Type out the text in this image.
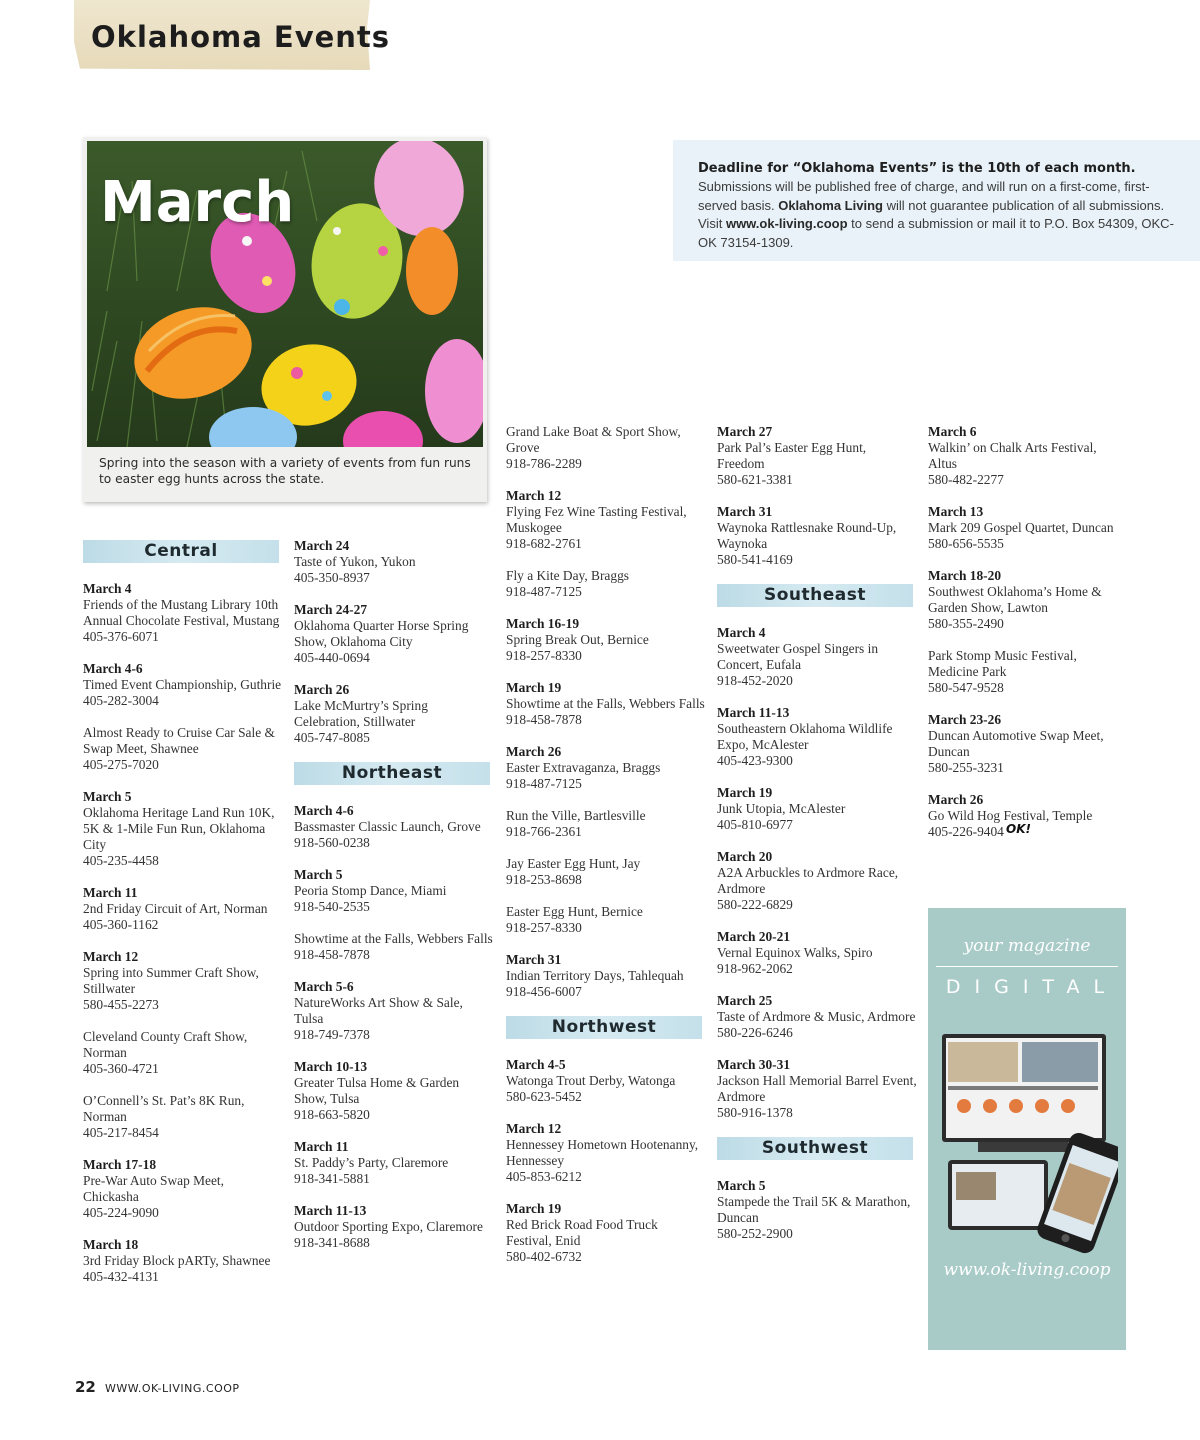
Oklahoma Events
Deadline for “Oklahoma Events” is the 10th of each month.
Submissions will be published free of charge, and will run on a first-come, first-served basis. Oklahoma Living will not guarantee publication of all submissions. Visit www.ok-living.coop to send a submission or mail it to P.O. Box 54309, OKC-OK 73154-1309.
Spring into the season with a variety of events from fun runs to easter egg hunts across the state.
March
Central
March 4
Friends of the Mustang Library 10th Annual Chocolate Festival, Mustang
405-376-6071
March 4-6
Timed Event Championship, Guthrie
405-282-3004
Almost Ready to Cruise Car Sale & Swap Meet, Shawnee
405-275-7020
March 5
Oklahoma Heritage Land Run 10K, 5K & 1-Mile Fun Run, Oklahoma City
405-235-4458
March 11
2nd Friday Circuit of Art, Norman
405-360-1162
March 12
Spring into Summer Craft Show, Stillwater
580-455-2273
Cleveland County Craft Show, Norman
405-360-4721
O’Connell’s St. Pat’s 8K Run, Norman
405-217-8454
March 17-18
Pre-War Auto Swap Meet, Chickasha
405-224-9090
March 18
3rd Friday Block pARTy, Shawnee
405-432-4131
March 24
Taste of Yukon, Yukon
405-350-8937
March 24-27
Oklahoma Quarter Horse Spring Show, Oklahoma City
405-440-0694
March 26
Lake McMurtry’s Spring Celebration, Stillwater
405-747-8085
Northeast
March 4-6
Bassmaster Classic Launch, Grove
918-560-0238
March 5
Peoria Stomp Dance, Miami
918-540-2535
Showtime at the Falls, Webbers Falls
918-458-7878
March 5-6
NatureWorks Art Show & Sale, Tulsa
918-749-7378
March 10-13
Greater Tulsa Home & Garden Show, Tulsa
918-663-5820
March 11
St. Paddy’s Party, Claremore
918-341-5881
March 11-13
Outdoor Sporting Expo, Claremore
918-341-8688
Grand Lake Boat & Sport Show, Grove
918-786-2289
March 12
Flying Fez Wine Tasting Festival, Muskogee
918-682-2761
Fly a Kite Day, Braggs
918-487-7125
March 16-19
Spring Break Out, Bernice
918-257-8330
March 19
Showtime at the Falls, Webbers Falls
918-458-7878
March 26
Easter Extravaganza, Braggs
918-487-7125
Run the Ville, Bartlesville
918-766-2361
Jay Easter Egg Hunt, Jay
918-253-8698
Easter Egg Hunt, Bernice
918-257-8330
March 31
Indian Territory Days, Tahlequah
918-456-6007
Northwest
March 4-5
Watonga Trout Derby, Watonga
580-623-5452
March 12
Hennessey Hometown Hootenanny, Hennessey
405-853-6212
March 19
Red Brick Road Food Truck Festival, Enid
580-402-6732
March 27
Park Pal’s Easter Egg Hunt, Freedom
580-621-3381
March 31
Waynoka Rattlesnake Round-Up, Waynoka
580-541-4169
Southeast
March 4
Sweetwater Gospel Singers in Concert, Eufala
918-452-2020
March 11-13
Southeastern Oklahoma Wildlife Expo, McAlester
405-423-9300
March 19
Junk Utopia, McAlester
405-810-6977
March 20
A2A Arbuckles to Ardmore Race, Ardmore
580-222-6829
March 20-21
Vernal Equinox Walks, Spiro
918-962-2062
March 25
Taste of Ardmore & Music, Ardmore
580-226-6246
March 30-31
Jackson Hall Memorial Barrel Event, Ardmore
580-916-1378
Southwest
March 5
Stampede the Trail 5K & Marathon, Duncan
580-252-2900
March 6
Walkin’ on Chalk Arts Festival, Altus
580-482-2277
March 13
Mark 209 Gospel Quartet, Duncan
580-656-5535
March 18-20
Southwest Oklahoma’s Home & Garden Show, Lawton
580-355-2490
Park Stomp Music Festival, Medicine Park
580-547-9528
March 23-26
Duncan Automotive Swap Meet, Duncan
580-255-3231
March 26
Go Wild Hog Festival, Temple
405-226-9404 OK!
your magazine
DIGITAL
www.ok-living.coop
22 WWW.OK-LIVING.COOP
